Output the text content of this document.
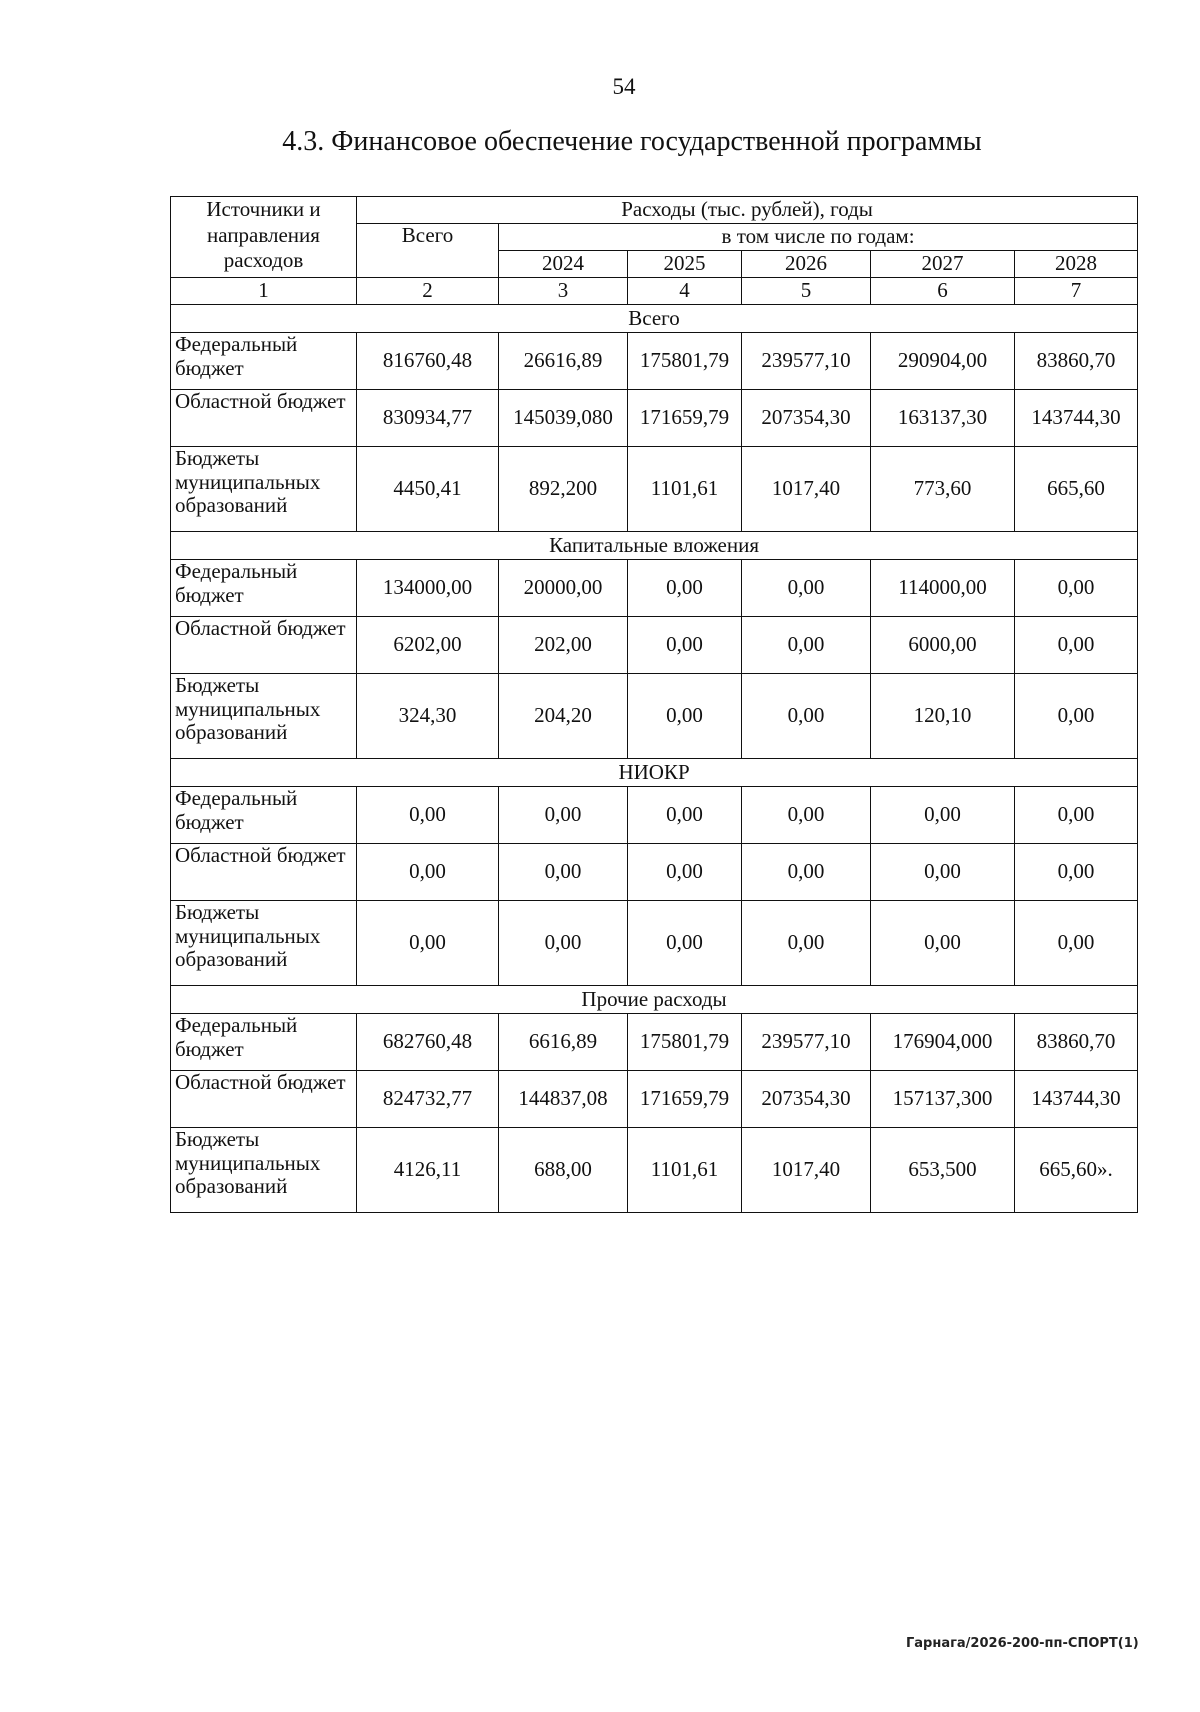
54
4.3. Финансовое обеспечение государственной программы
Источники и направления расходов	Расходы (тыс. рублей), годы					
	Всего	в том числе по годам:				
		2024	2025	2026	2027	2028
1	2	3	4	5	6	7
Всего						
Федеральный бюджет	816760,48	26616,89	175801,79	239577,10	290904,00	83860,70
Областной бюджет	830934,77	145039,080	171659,79	207354,30	163137,30	143744,30
Бюджеты муниципальных образований	4450,41	892,200	1101,61	1017,40	773,60	665,60
Капитальные вложения						
Федеральный бюджет	134000,00	20000,00	0,00	0,00	114000,00	0,00
Областной бюджет	6202,00	202,00	0,00	0,00	6000,00	0,00
Бюджеты муниципальных образований	324,30	204,20	0,00	0,00	120,10	0,00
НИОКР						
Федеральный бюджет	0,00	0,00	0,00	0,00	0,00	0,00
Областной бюджет	0,00	0,00	0,00	0,00	0,00	0,00
Бюджеты муниципальных образований	0,00	0,00	0,00	0,00	0,00	0,00
Прочие расходы						
Федеральный бюджет	682760,48	6616,89	175801,79	239577,10	176904,000	83860,70
Областной бюджет	824732,77	144837,08	171659,79	207354,30	157137,300	143744,30
Бюджеты муниципальных образований	4126,11	688,00	1101,61	1017,40	653,500	665,60».
Гарнага/2026-200-пп-СПОРТ(1)
